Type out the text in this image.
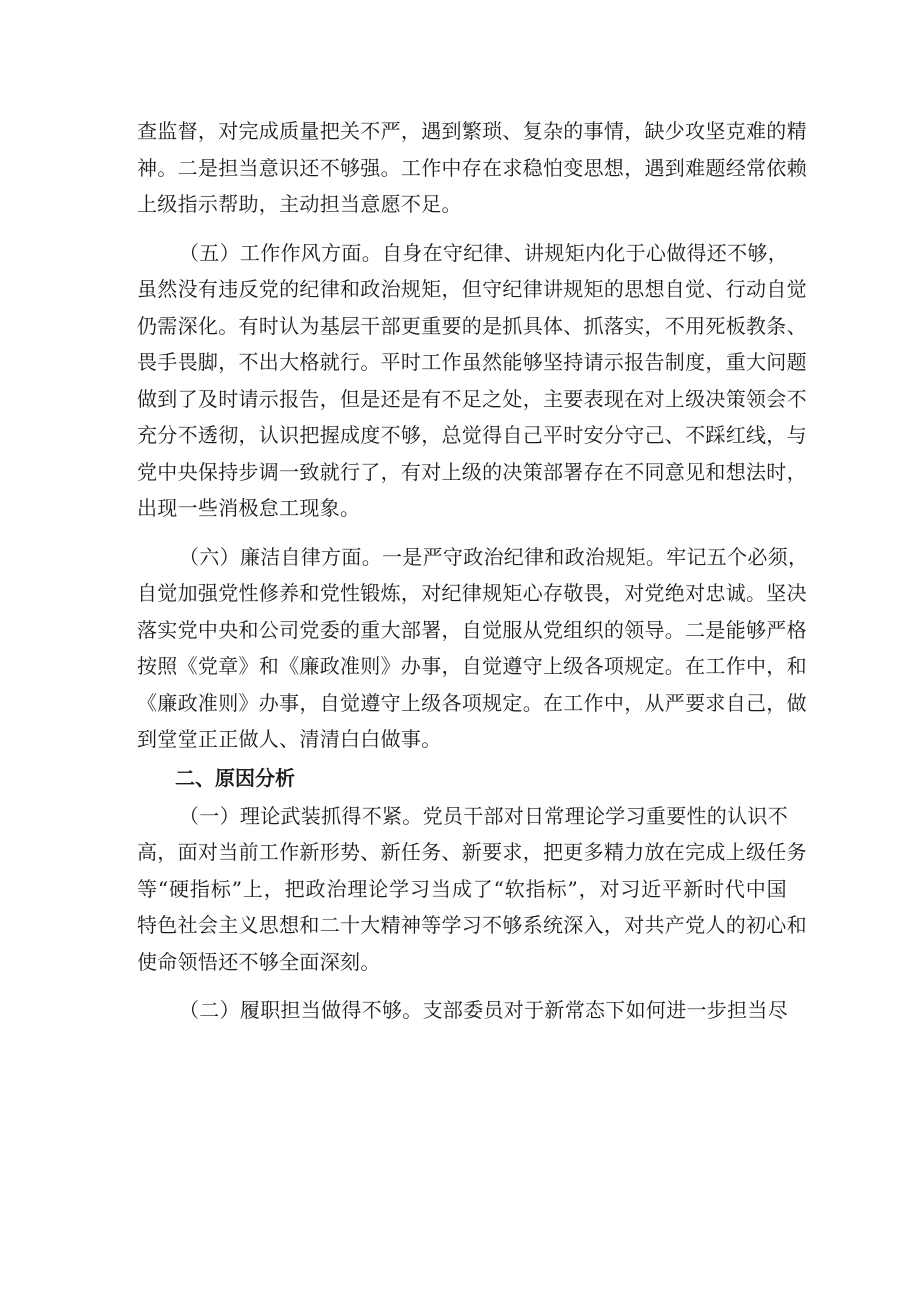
查监督，对完成质量把关不严，遇到繁琐、复杂的事情，缺少攻坚克难的精
神。二是担当意识还不够强。工作中存在求稳怕变思想，遇到难题经常依赖
上级指示帮助，主动担当意愿不足。
（五）工作作风方面。自身在守纪律、讲规矩内化于心做得还不够，
虽然没有违反党的纪律和政治规矩，但守纪律讲规矩的思想自觉、行动自觉
仍需深化。有时认为基层干部更重要的是抓具体、抓落实，不用死板教条、
畏手畏脚，不出大格就行。平时工作虽然能够坚持请示报告制度，重大问题
做到了及时请示报告，但是还是有不足之处，主要表现在对上级决策领会不
充分不透彻，认识把握成度不够，总觉得自己平时安分守己、不踩红线，与
党中央保持步调一致就行了，有对上级的决策部署存在不同意见和想法时，
出现一些消极怠工现象。
（六）廉洁自律方面。一是严守政治纪律和政治规矩。牢记五个必须，
自觉加强党性修养和党性锻炼，对纪律规矩心存敬畏，对党绝对忠诚。坚决
落实党中央和公司党委的重大部署，自觉服从党组织的领导。二是能够严格
按照《党章》和《廉政准则》办事，自觉遵守上级各项规定。在工作中，和
《廉政准则》办事，自觉遵守上级各项规定。在工作中，从严要求自己，做
到堂堂正正做人、清清白白做事。
二、原因分析
（一）理论武装抓得不紧。党员干部对日常理论学习重要性的认识不
高，面对当前工作新形势、新任务、新要求，把更多精力放在完成上级任务
等“硬指标”上，把政治理论学习当成了“软指标”，对习近平新时代中国
特色社会主义思想和二十大精神等学习不够系统深入，对共产党人的初心和
使命领悟还不够全面深刻。
（二）履职担当做得不够。支部委员对于新常态下如何进一步担当尽
